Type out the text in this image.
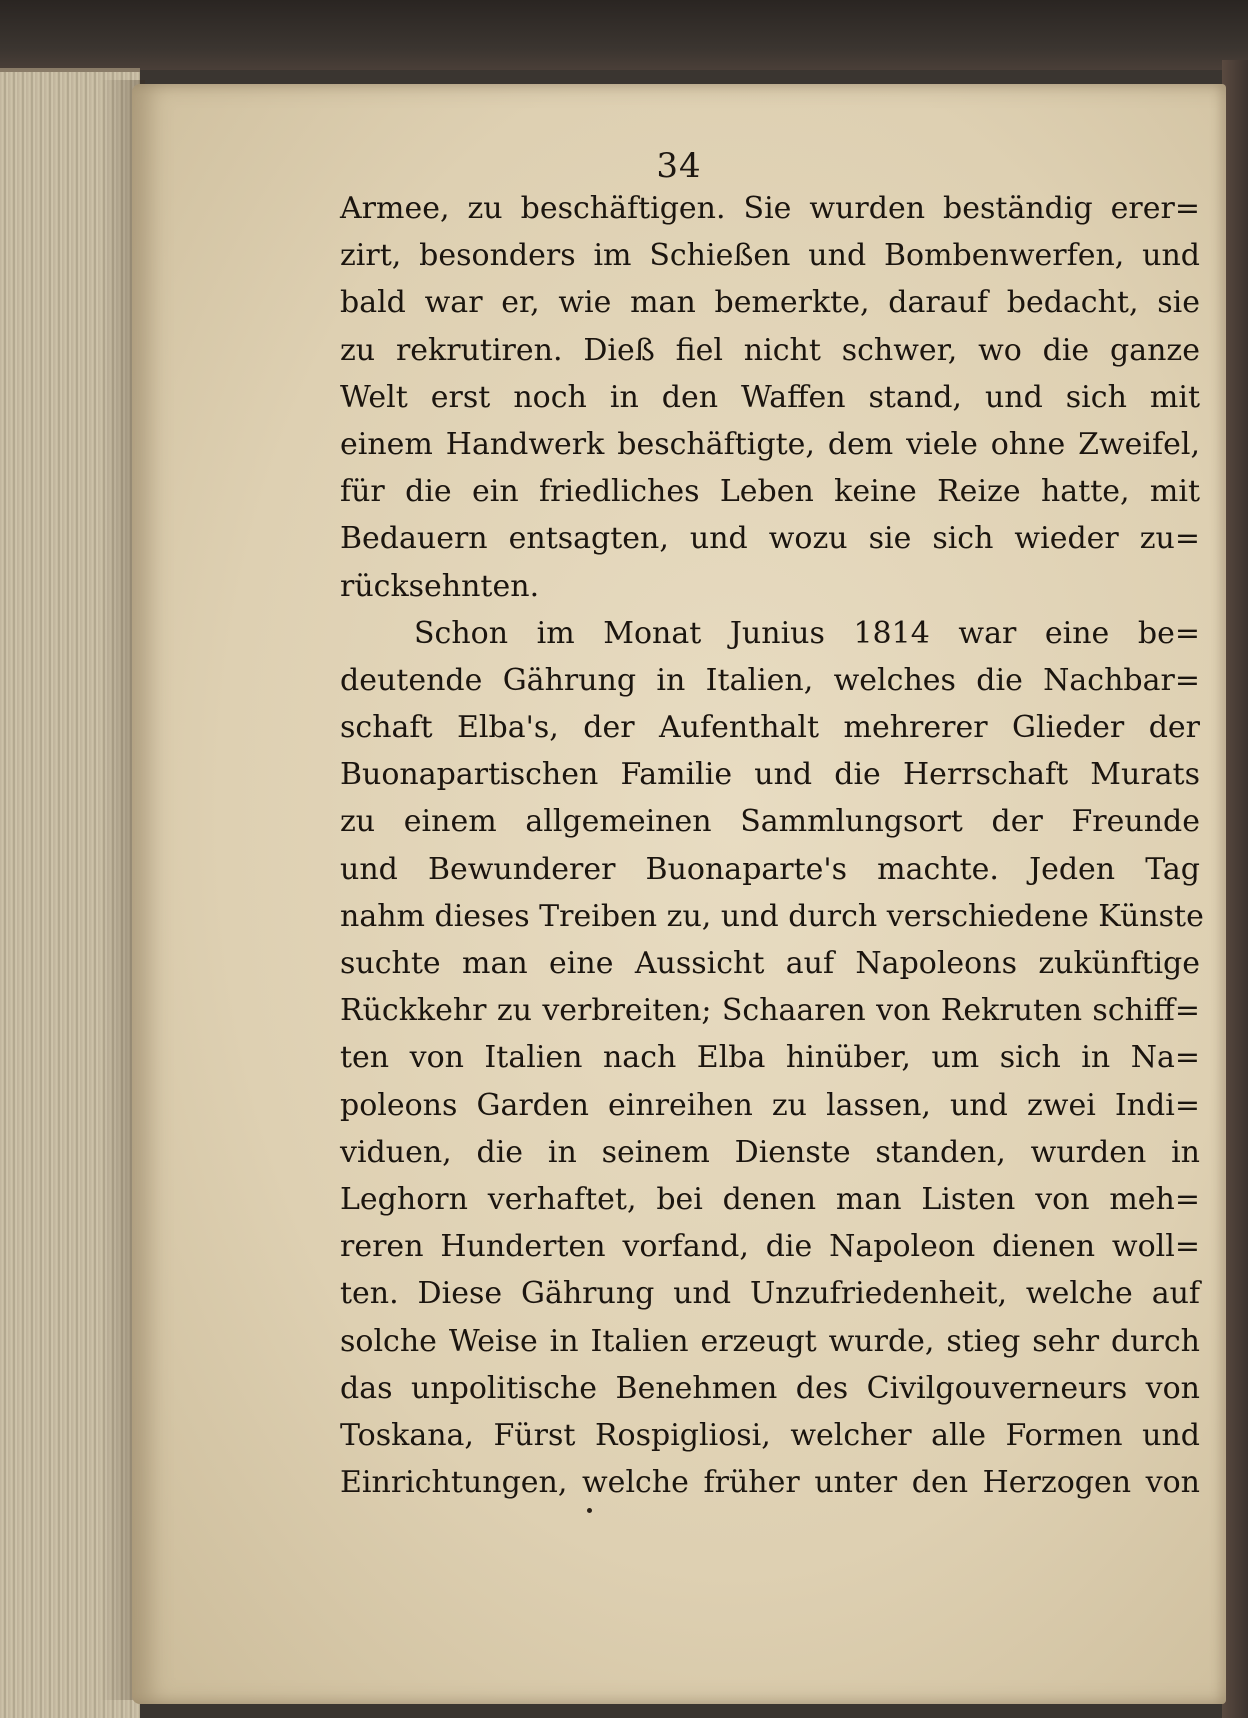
34
Armee, zu beschäftigen. Sie wurden beständig erer=
zirt, besonders im Schießen und Bombenwerfen, und
bald war er, wie man bemerkte, darauf bedacht, sie
zu rekrutiren. Dieß fiel nicht schwer, wo die ganze
Welt erst noch in den Waffen stand, und sich mit
einem Handwerk beschäftigte, dem viele ohne Zweifel,
für die ein friedliches Leben keine Reize hatte, mit
Bedauern entsagten, und wozu sie sich wieder zu=
rücksehnten.
Schon im Monat Junius 1814 war eine be=
deutende Gährung in Italien, welches die Nachbar=
schaft Elba's, der Aufenthalt mehrerer Glieder der
Buonapartischen Familie und die Herrschaft Murats
zu einem allgemeinen Sammlungsort der Freunde
und Bewunderer Buonaparte's machte. Jeden Tag
nahm dieses Treiben zu, und durch verschiedene Künste
suchte man eine Aussicht auf Napoleons zukünftige
Rückkehr zu verbreiten; Schaaren von Rekruten schiff=
ten von Italien nach Elba hinüber, um sich in Na=
poleons Garden einreihen zu lassen, und zwei Indi=
viduen, die in seinem Dienste standen, wurden in
Leghorn verhaftet, bei denen man Listen von meh=
reren Hunderten vorfand, die Napoleon dienen woll=
ten. Diese Gährung und Unzufriedenheit, welche auf
solche Weise in Italien erzeugt wurde, stieg sehr durch
das unpolitische Benehmen des Civilgouverneurs von
Toskana, Fürst Rospigliosi, welcher alle Formen und
Einrichtungen, welche früher unter den Herzogen von
